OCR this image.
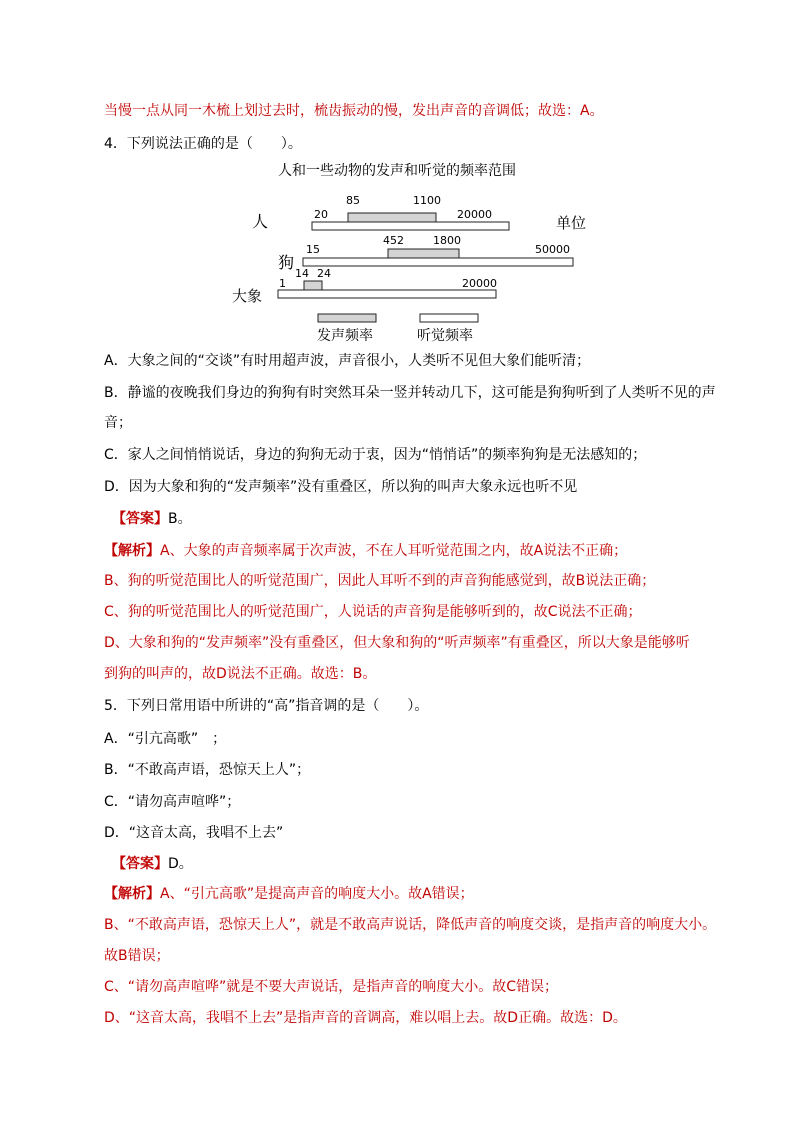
当慢一点从同一木梳上划过去时，梳齿振动的慢，发出声音的音调低；故选：A。
4．下列说法正确的是（　　）。
人和一些动物的发声和听觉的频率范围
单位
人
狗
大象
20
85	1100
20000
15
452	1800
50000
1
14 24
20000
发声频率	听觉频率
A．大象之间的“交谈”有时用超声波，声音很小，人类听不见但大象们能听清；
B．静谧的夜晚我们身边的狗狗有时突然耳朵一竖并转动几下，这可能是狗狗听到了人类听不见的声
音；
C．家人之间悄悄说话，身边的狗狗无动于衷，因为“悄悄话”的频率狗狗是无法感知的；
D．因为大象和狗的“发声频率”没有重叠区，所以狗的叫声大象永远也听不见
【答案】B。
【解析】A、大象的声音频率属于次声波，不在人耳听觉范围之内，故A说法不正确；
B、狗的听觉范围比人的听觉范围广，因此人耳听不到的声音狗能感觉到，故B说法正确；
C、狗的听觉范围比人的听觉范围广，人说话的声音狗是能够听到的，故C说法不正确；
D、大象和狗的“发声频率”没有重叠区，但大象和狗的“听声频率”有重叠区，所以大象是能够听
到狗的叫声的，故D说法不正确。故选：B。
5．下列日常用语中所讲的“高”指音调的是（　　）。
A．“引亢高歌”　；
B．“不敢高声语，恐惊天上人”；
C．“请勿高声喧哗”；
D．“这音太高，我唱不上去”
【答案】D。
【解析】A、“引亢高歌”是提高声音的响度大小。故A错误；
B、“不敢高声语，恐惊天上人”，就是不敢高声说话，降低声音的响度交谈，是指声音的响度大小。
故B错误；
C、“请勿高声喧哗”就是不要大声说话，是指声音的响度大小。故C错误；
D、“这音太高，我唱不上去”是指声音的音调高，难以唱上去。故D正确。故选：D。
